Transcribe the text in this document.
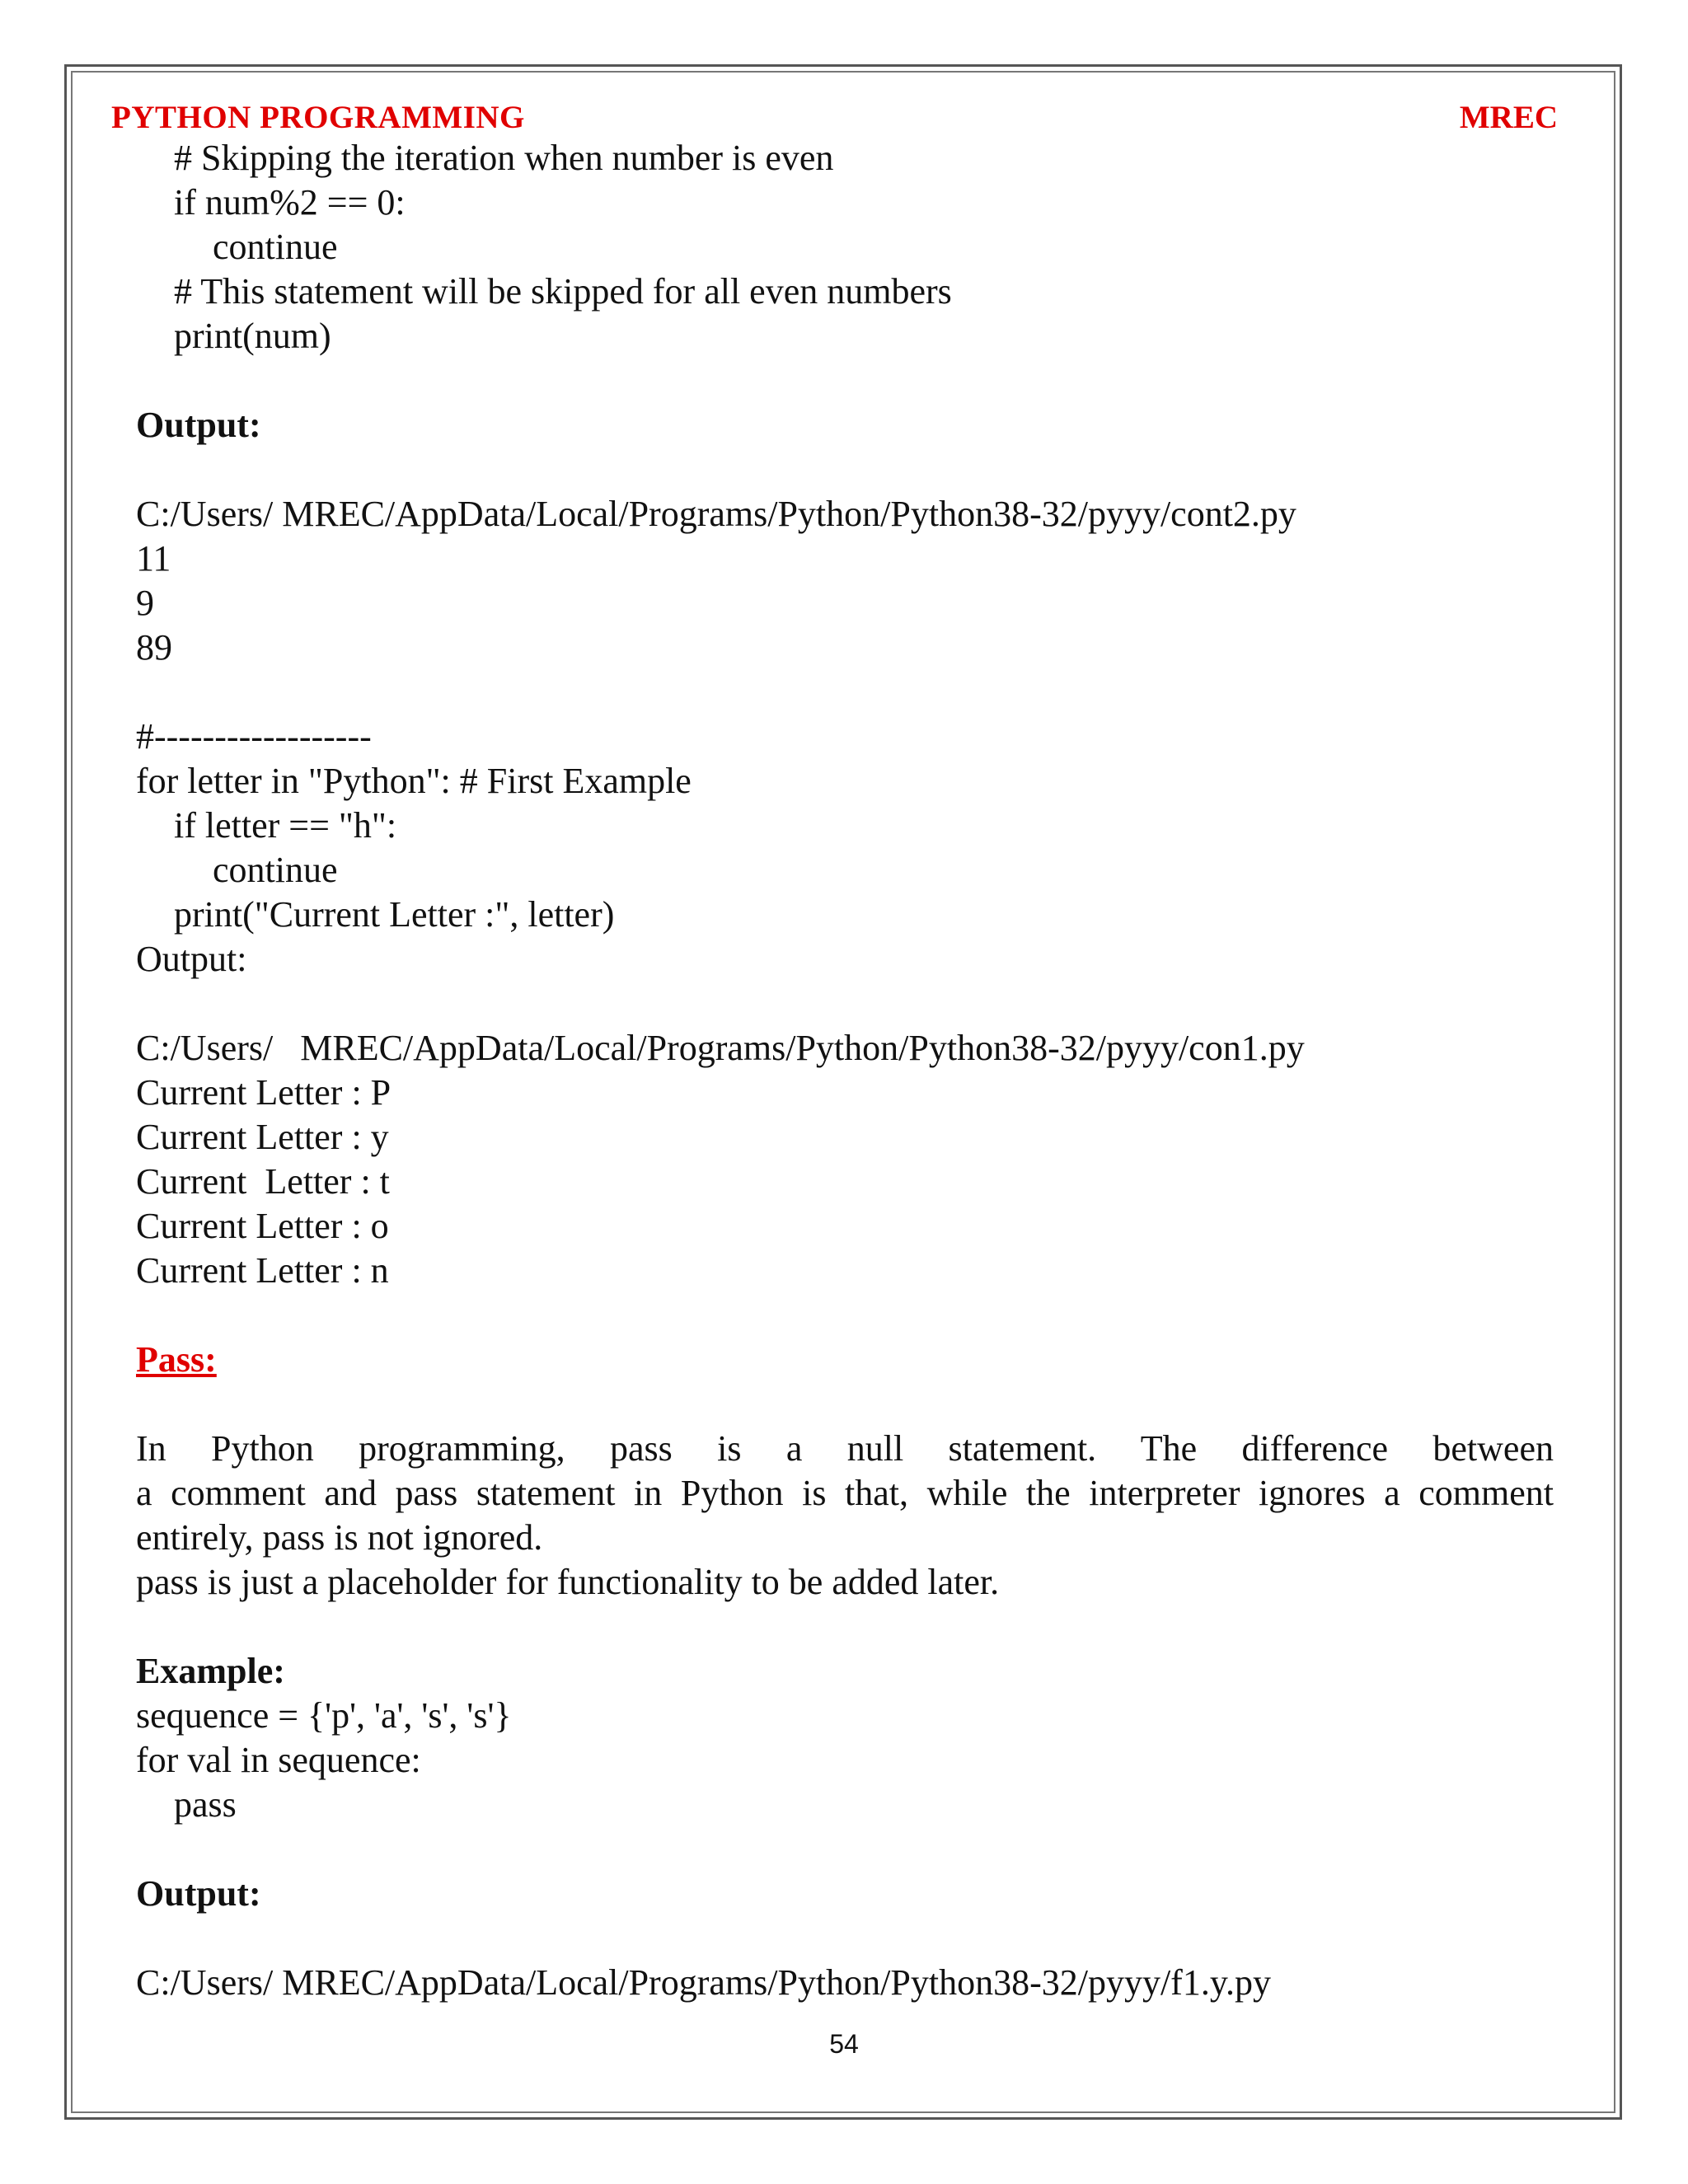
PYTHON PROGRAMMING	MREC
# Skipping the iteration when number is even
if num%2 == 0:
continue
# This statement will be skipped for all even numbers
print(num)
Output:
C:/Users/ MREC/AppData/Local/Programs/Python/Python38-32/pyyy/cont2.py
11
9
89
#------------------
for letter in "Python": # First Example
if letter == "h":
continue
print("Current Letter :", letter)
Output:
C:/Users/   MREC/AppData/Local/Programs/Python/Python38-32/pyyy/con1.py
Current Letter : P
Current Letter : y
Current  Letter : t
Current Letter : o
Current Letter : n
Pass:
In Python programming, pass is a null statement. The difference between
a comment and pass statement in Python is that, while the interpreter ignores a comment
entirely, pass is not ignored.
pass is just a placeholder for functionality to be added later.
Example:
sequence = {'p', 'a', 's', 's'}
for val in sequence:
pass
Output:
C:/Users/ MREC/AppData/Local/Programs/Python/Python38-32/pyyy/f1.y.py
54
